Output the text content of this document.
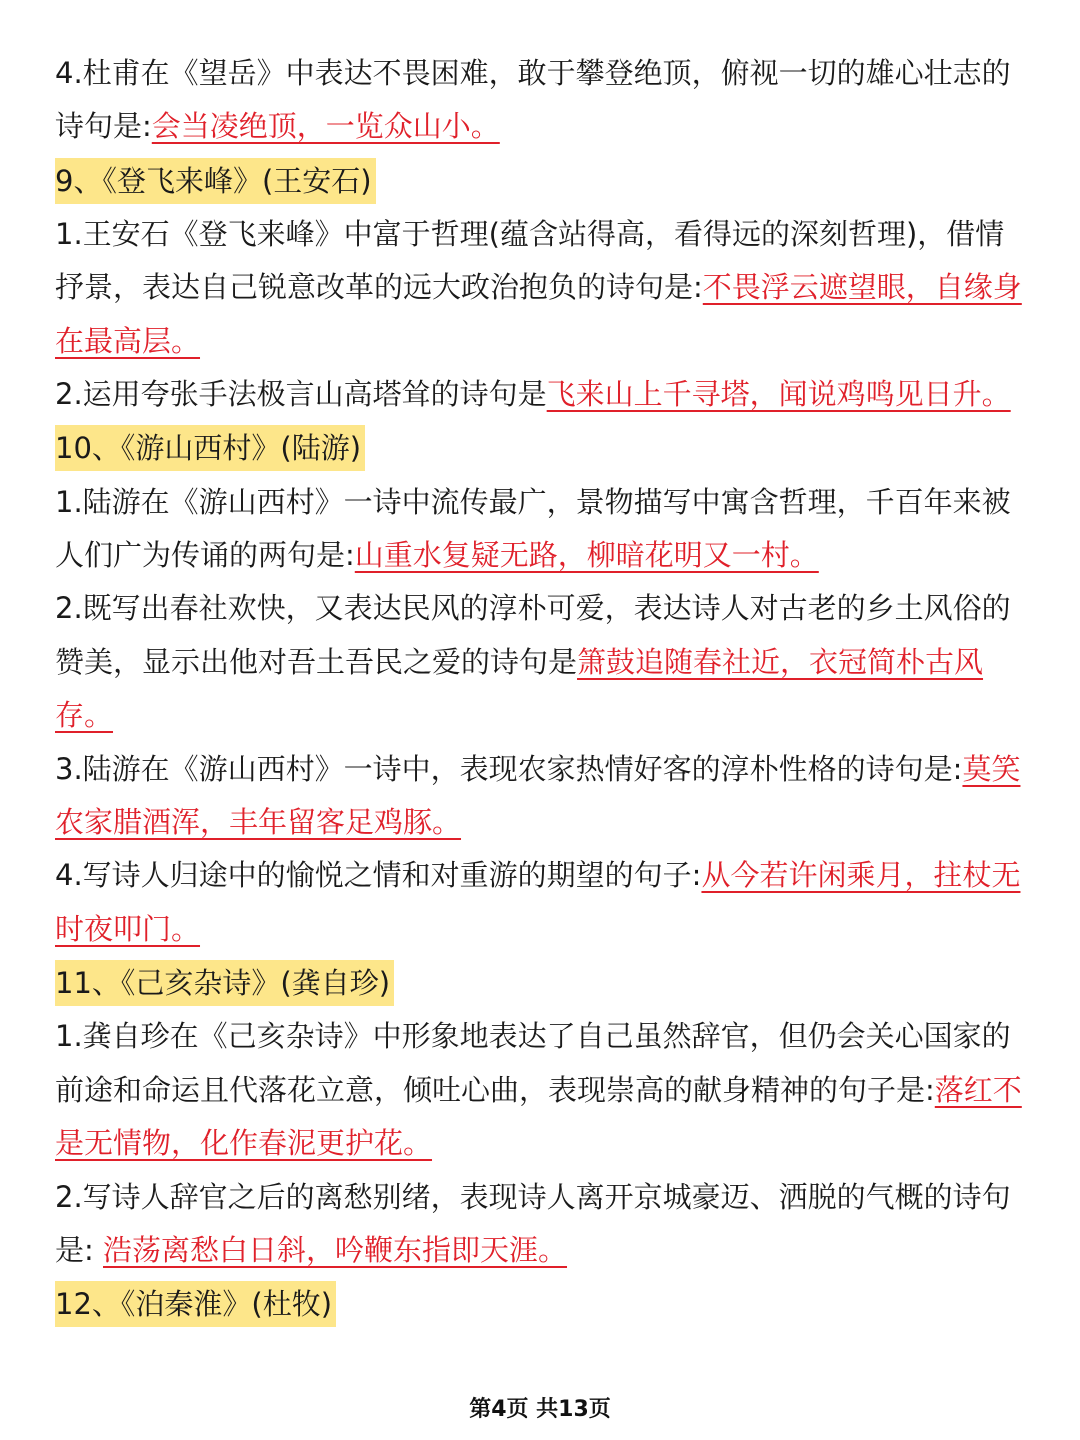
4.杜甫在《望岳》中表达不畏困难，敢于攀登绝顶，俯视一切的雄心壮志的诗句是:会当凌绝顶，一览众山小。
9、《登飞来峰》(王安石)
1.王安石《登飞来峰》中富于哲理(蕴含站得高，看得远的深刻哲理)，借情抒景，表达自己锐意改革的远大政治抱负的诗句是:不畏浮云遮望眼，自缘身在最高层。
2.运用夸张手法极言山高塔耸的诗句是飞来山上千寻塔，闻说鸡鸣见日升。
10、《游山西村》(陆游)
1.陆游在《游山西村》一诗中流传最广，景物描写中寓含哲理，千百年来被人们广为传诵的两句是:山重水复疑无路，柳暗花明又一村。
2.既写出春社欢快，又表达民风的淳朴可爱，表达诗人对古老的乡土风俗的赞美，显示出他对吾土吾民之爱的诗句是箫鼓追随春社近，衣冠简朴古风存。
3.陆游在《游山西村》一诗中，表现农家热情好客的淳朴性格的诗句是:莫笑农家腊酒浑，丰年留客足鸡豚。
4.写诗人归途中的愉悦之情和对重游的期望的句子:从今若许闲乘月，拄杖无时夜叩门。
11、《己亥杂诗》(龚自珍)
1.龚自珍在《己亥杂诗》中形象地表达了自己虽然辞官，但仍会关心国家的前途和命运且代落花立意，倾吐心曲，表现崇高的献身精神的句子是:落红不是无情物，化作春泥更护花。
2.写诗人辞官之后的离愁别绪，表现诗人离开京城豪迈、洒脱的气概的诗句是: 浩荡离愁白日斜，吟鞭东指即天涯。
12、《泊秦淮》(杜牧)
第4页 共13页
